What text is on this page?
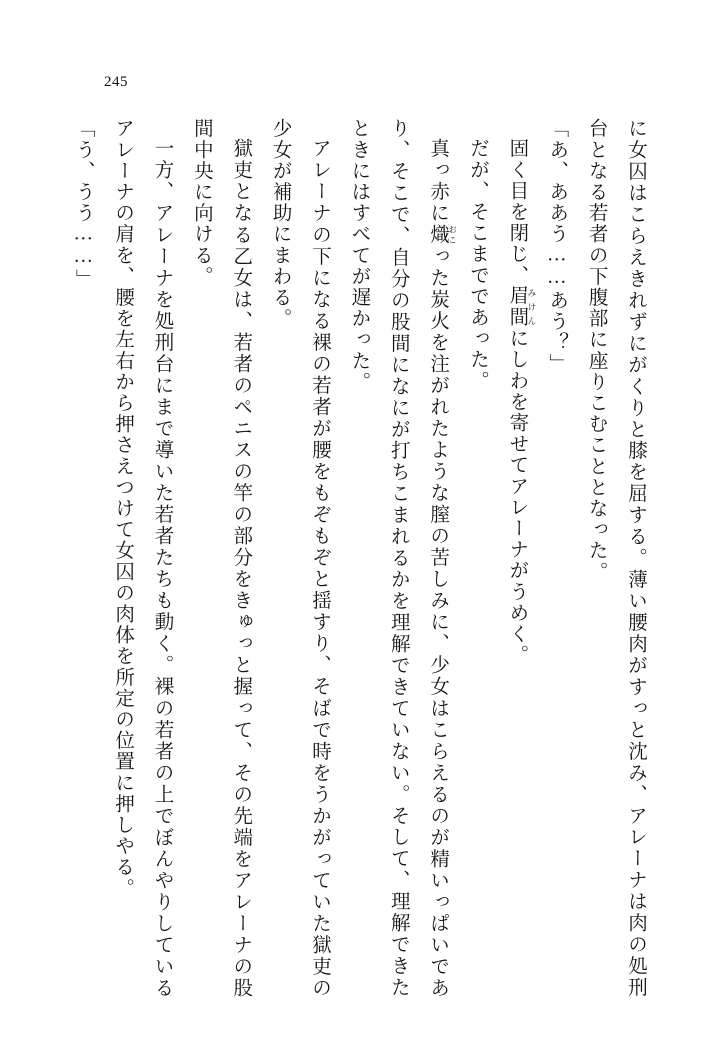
245

に女囚はこらえきれずにがくりと膝を屈する。薄い腰肉がすっと沈み、アレーナは肉の処刑台となる若者の下腹部に座りこむこととなった。

「あ、ああう……あう？」

固く目を閉じ、眉間 みけんにしわを寄せてアレーナがうめく。

だが、そこまでであった。

真っ赤に熾 おこった炭火を注がれたような膣の苦しみに、少女はこらえるのが精いっぱいであり、そこで、自分の股間になにが打ちこまれるかを理解できていない。そして、理解できたときにはすべてが遅かった。

アレーナの下になる裸の若者が腰をもぞもぞと揺すり、そばで時をうかがっていた獄吏の少女が補助にまわる。

獄吏となる乙女は、若者のペニスの竿の部分をきゅっと握って、その先端をアレーナの股間中央に向ける。

一方、アレーナを処刑台にまで導いた若者たちも動く。裸の若者の上でぼんやりしているアレーナの肩を、腰を左右から押さえつけて女囚の肉体を所定の位置に押しやる。

「う、うう……」
